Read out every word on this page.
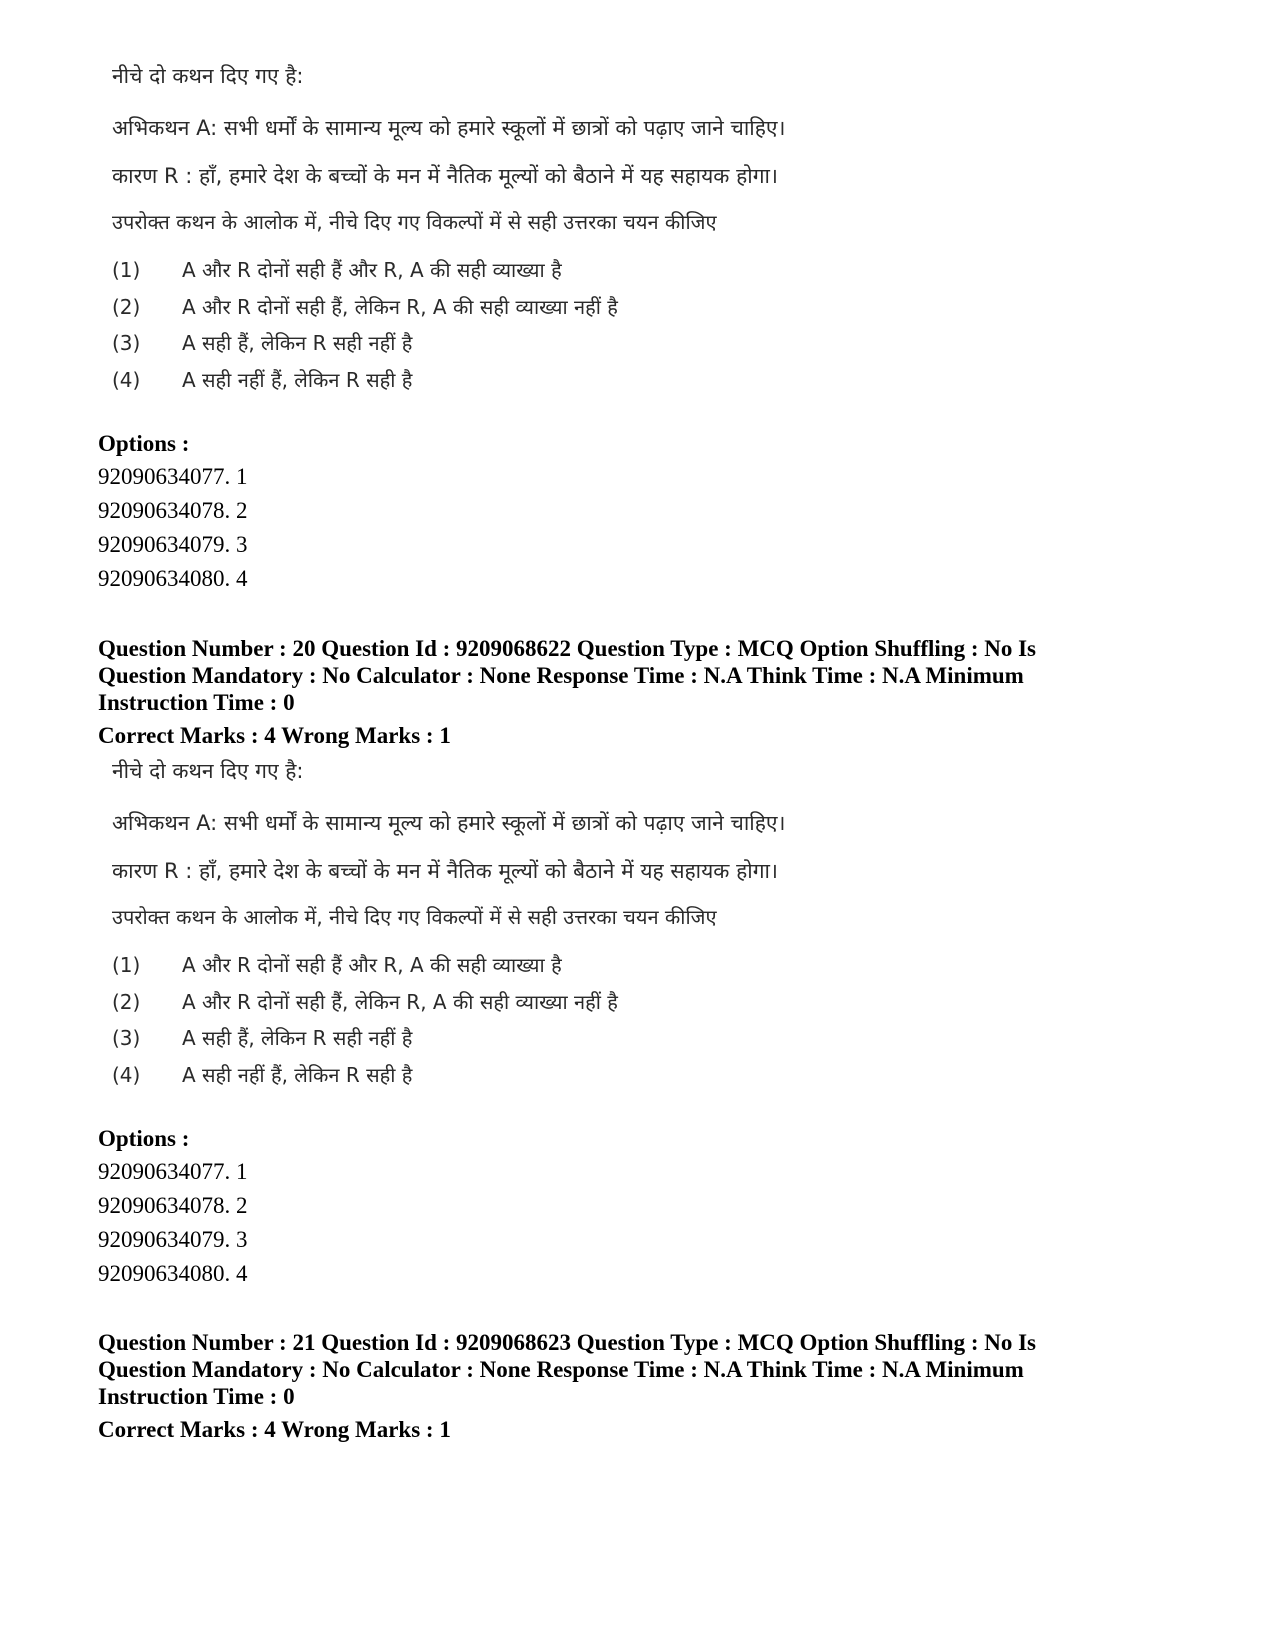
नीचे दो कथन दिए गए है:
अभिकथन A: सभी धर्मों के सामान्य मूल्य को हमारे स्कूलों में छात्रों को पढ़ाए जाने चाहिए।
कारण R : हाँ, हमारे देश के बच्चों के मन में नैतिक मूल्यों को बैठाने में यह सहायक होगा।
उपरोक्त कथन के आलोक में, नीचे दिए गए विकल्पों में से सही उत्तरका चयन कीजिए
(1) A और R दोनों सही हैं और R, A की सही व्याख्या है
(2) A और R दोनों सही हैं, लेकिन R, A की सही व्याख्या नहीं है
(3) A सही हैं, लेकिन R सही नहीं है
(4) A सही नहीं हैं, लेकिन R सही है
Options :
92090634077. 1
92090634078. 2
92090634079. 3
92090634080. 4
Question Number : 20 Question Id : 9209068622 Question Type : MCQ Option Shuffling : No Is
Question Mandatory : No Calculator : None Response Time : N.A Think Time : N.A Minimum
Instruction Time : 0
Correct Marks : 4 Wrong Marks : 1
नीचे दो कथन दिए गए है:
अभिकथन A: सभी धर्मों के सामान्य मूल्य को हमारे स्कूलों में छात्रों को पढ़ाए जाने चाहिए।
कारण R : हाँ, हमारे देश के बच्चों के मन में नैतिक मूल्यों को बैठाने में यह सहायक होगा।
उपरोक्त कथन के आलोक में, नीचे दिए गए विकल्पों में से सही उत्तरका चयन कीजिए
(1) A और R दोनों सही हैं और R, A की सही व्याख्या है
(2) A और R दोनों सही हैं, लेकिन R, A की सही व्याख्या नहीं है
(3) A सही हैं, लेकिन R सही नहीं है
(4) A सही नहीं हैं, लेकिन R सही है
Options :
92090634077. 1
92090634078. 2
92090634079. 3
92090634080. 4
Question Number : 21 Question Id : 9209068623 Question Type : MCQ Option Shuffling : No Is
Question Mandatory : No Calculator : None Response Time : N.A Think Time : N.A Minimum
Instruction Time : 0
Correct Marks : 4 Wrong Marks : 1
